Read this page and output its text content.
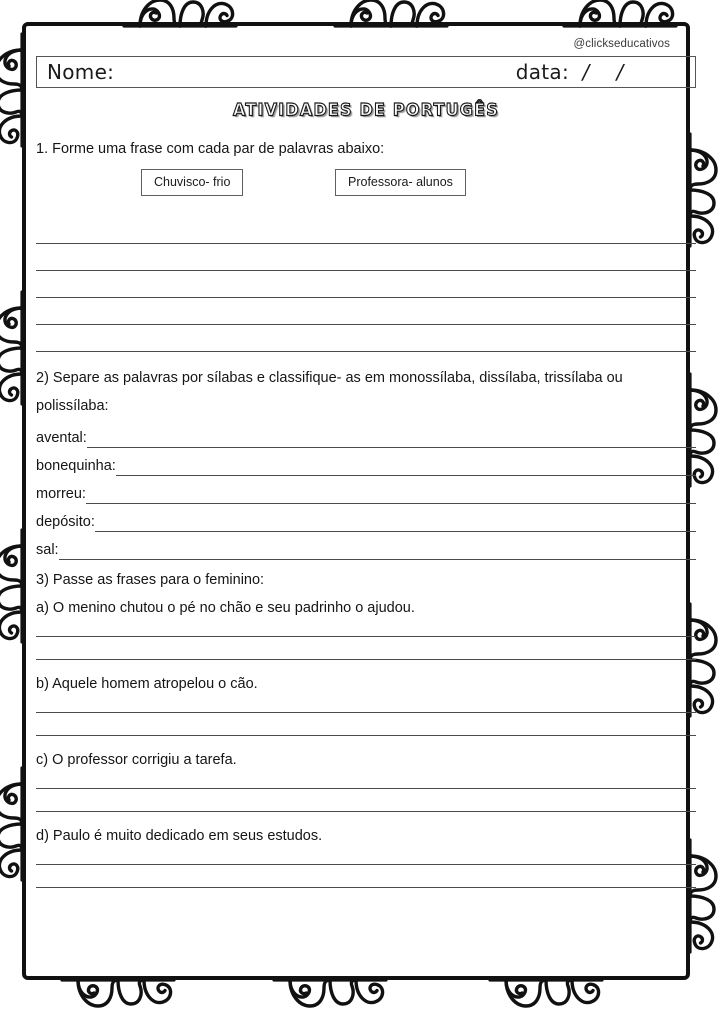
@clickseducativos
Nome:	data: /	/
ATIVIDADES DE PORTUGÊS
1. Forme uma frase com cada par de palavras abaixo:
Chuvisco- frio	Professora- alunos
2) Separe as palavras por sílabas e classifique- as em monossílaba, dissílaba, trissílaba ou
polissílaba:
avental:
bonequinha:
morreu:
depósito:
sal:
3) Passe as frases para o feminino:
a) O menino chutou o pé no chão e seu padrinho o ajudou.
b) Aquele homem atropelou o cão.
c) O professor corrigiu a tarefa.
d) Paulo é muito dedicado em seus estudos.
